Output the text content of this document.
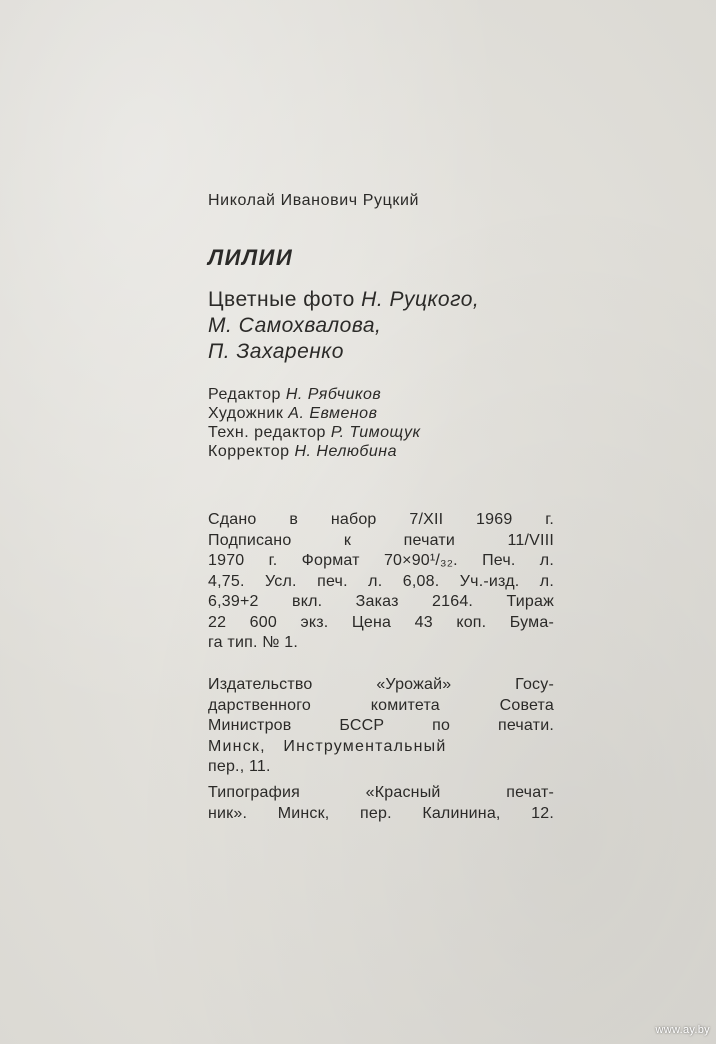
Николай Иванович Руцкий

ЛИЛИИ

Цветные фото Н. Руцкого,
М. Самохвалова,
П. Захаренко
Редактор Н. Рябчиков
Художник А. Евменов
Техн. редактор Р. Тимощук
Корректор Н. Нелюбина
Сдано в набор 7/XII 1969 г.
Подписано к печати 11/VIII
1970 г. Формат 70×90¹/₃₂. Печ. л.
4,75. Усл. печ. л. 6,08. Уч.-изд. л.
6,39+2 вкл. Заказ 2164. Тираж
22 600 экз. Цена 43 коп. Бума-
га тип. № 1.
Издательство «Урожай» Госу-
дарственного комитета Совета
Министров БССР по печати.
Минск, Инструментальный
пер., 11.
Типография «Красный печат-
ник». Минск, пер. Калинина, 12.
www.ay.by
